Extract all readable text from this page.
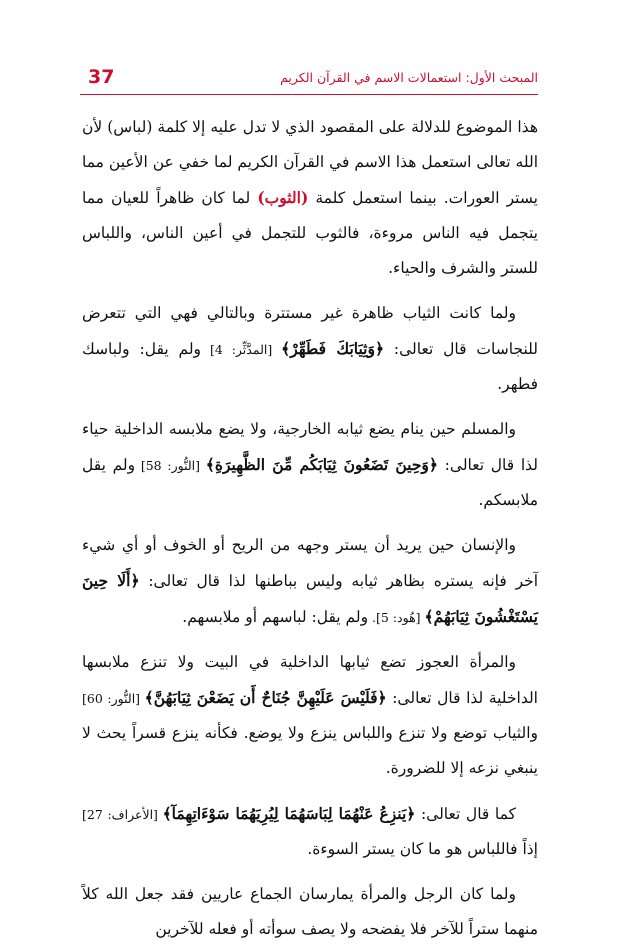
37	المبحث الأول: استعمالات الاسم في القرآن الكريم

هذا الموضوع للدلالة على المقصود الذي لا تدل عليه إلا كلمة (لباس) لأن الله تعالى استعمل هذا الاسم في القرآن الكريم لما خفي عن الأعين مما يستر العورات. بينما استعمل كلمة (الثوب) لما كان ظاهراً للعيان مما يتجمل فيه الناس مروءة، فالثوب للتجمل في أعين الناس، واللباس للستر والشرف والحياء.

ولما كانت الثياب ظاهرة غير مستترة وبالتالي فهي التي تتعرض للنجاسات قال تعالى: ﴿وَثِيَابَكَ فَطَهِّرْ﴾ [المدَّثِّر: 4] ولم يقل: ولباسك فطهر.

والمسلم حين ينام يضع ثيابه الخارجية، ولا يضع ملابسه الداخلية حياء لذا قال تعالى: ﴿وَحِينَ تَضَعُونَ ثِيَابَكُم مِّنَ الظَّهِيرَةِ﴾ [النُّور: 58] ولم يقل ملابسكم.

والإنسان حين يريد أن يستر وجهه من الريح أو الخوف أو أي شيء آخر فإنه يستره بظاهر ثيابه وليس بباطنها لذا قال تعالى: ﴿أَلَا حِينَ يَسْتَغْشُونَ ثِيَابَهُمْ﴾ [هُود: 5]. ولم يقل: لباسهم أو ملابسهم.

والمرأة العجوز تضع ثيابها الداخلية في البيت ولا تنزع ملابسها الداخلية لذا قال تعالى: ﴿فَلَيْسَ عَلَيْهِنَّ جُنَاحٌ أَن يَضَعْنَ ثِيَابَهُنَّ﴾ [النُّور: 60] والثياب توضع ولا تنزع واللباس ينزع ولا يوضع. فكأنه ينزع قسراً يحث لا ينبغي نزعه إلا للضرورة.

كما قال تعالى: ﴿يَنزِعُ عَنْهُمَا لِبَاسَهُمَا لِيُرِيَهُمَا سَوْءَاتِهِمَآ﴾ [الأعراف: 27] إذاً فاللباس هو ما كان يستر السوءة.

ولما كان الرجل والمرأة يمارسان الجماع عاريين فقد جعل الله كلاً منهما ستراً للآخر فلا يفضحه ولا يصف سوأته أو فعله للآخرين
